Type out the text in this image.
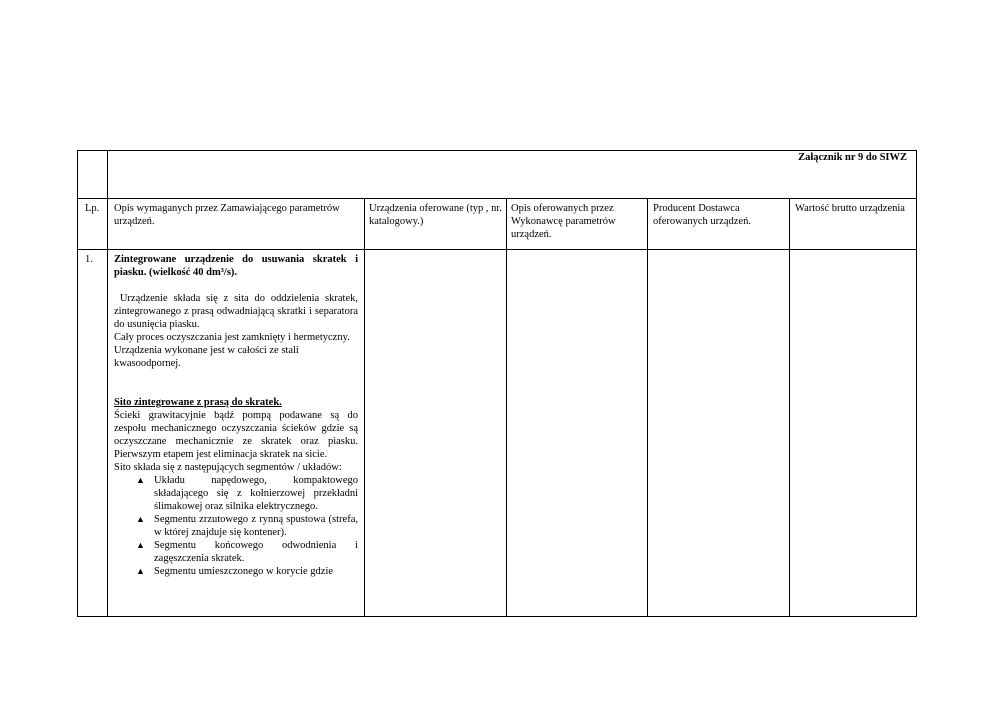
Załącznik nr 9 do SIWZ
Lp.	Opis wymaganych przez Zamawiającego parametrów urządzeń.
Urządzenia oferowane (typ , nr. katalogowy.)
Opis oferowanych przez Wykonawcę parametrów urządzeń.
Producent Dostawca oferowanych urządzeń.
Wartość brutto urządzenia
1.	Zintegrowane urządzenie do usuwania skratek i piasku. (wielkość 40 dm³/s).

Urządzenie składa się z sita do oddzielenia skratek, zintegrowanego z prasą odwadniającą skratki i separatora do usunięcia piasku.

Cały proces oczyszczania jest zamknięty i hermetyczny. Urządzenia wykonane jest w całości ze stali kwasoodpornej.

Sito zintegrowane z prasą do skratek.

Ścieki grawitacyjnie bądź pompą podawane są do zespołu mechanicznego oczyszczania ścieków gdzie są oczyszczane mechanicznie ze skratek oraz piasku. Pierwszym etapem jest eliminacja skratek na sicie.

Sito składa się z następujących segmentów / układów:

▲ Układu napędowego, kompaktowego składającego się z kołnierzowej przekładni ślimakowej oraz silnika elektrycznego.
▲ Segmentu zrzutowego z rynną spustowa (strefa, w której znajduje się kontener).
▲ Segmentu końcowego odwodnienia i zagęszczenia skratek.
▲ Segmentu umieszczonego w korycie gdzie
